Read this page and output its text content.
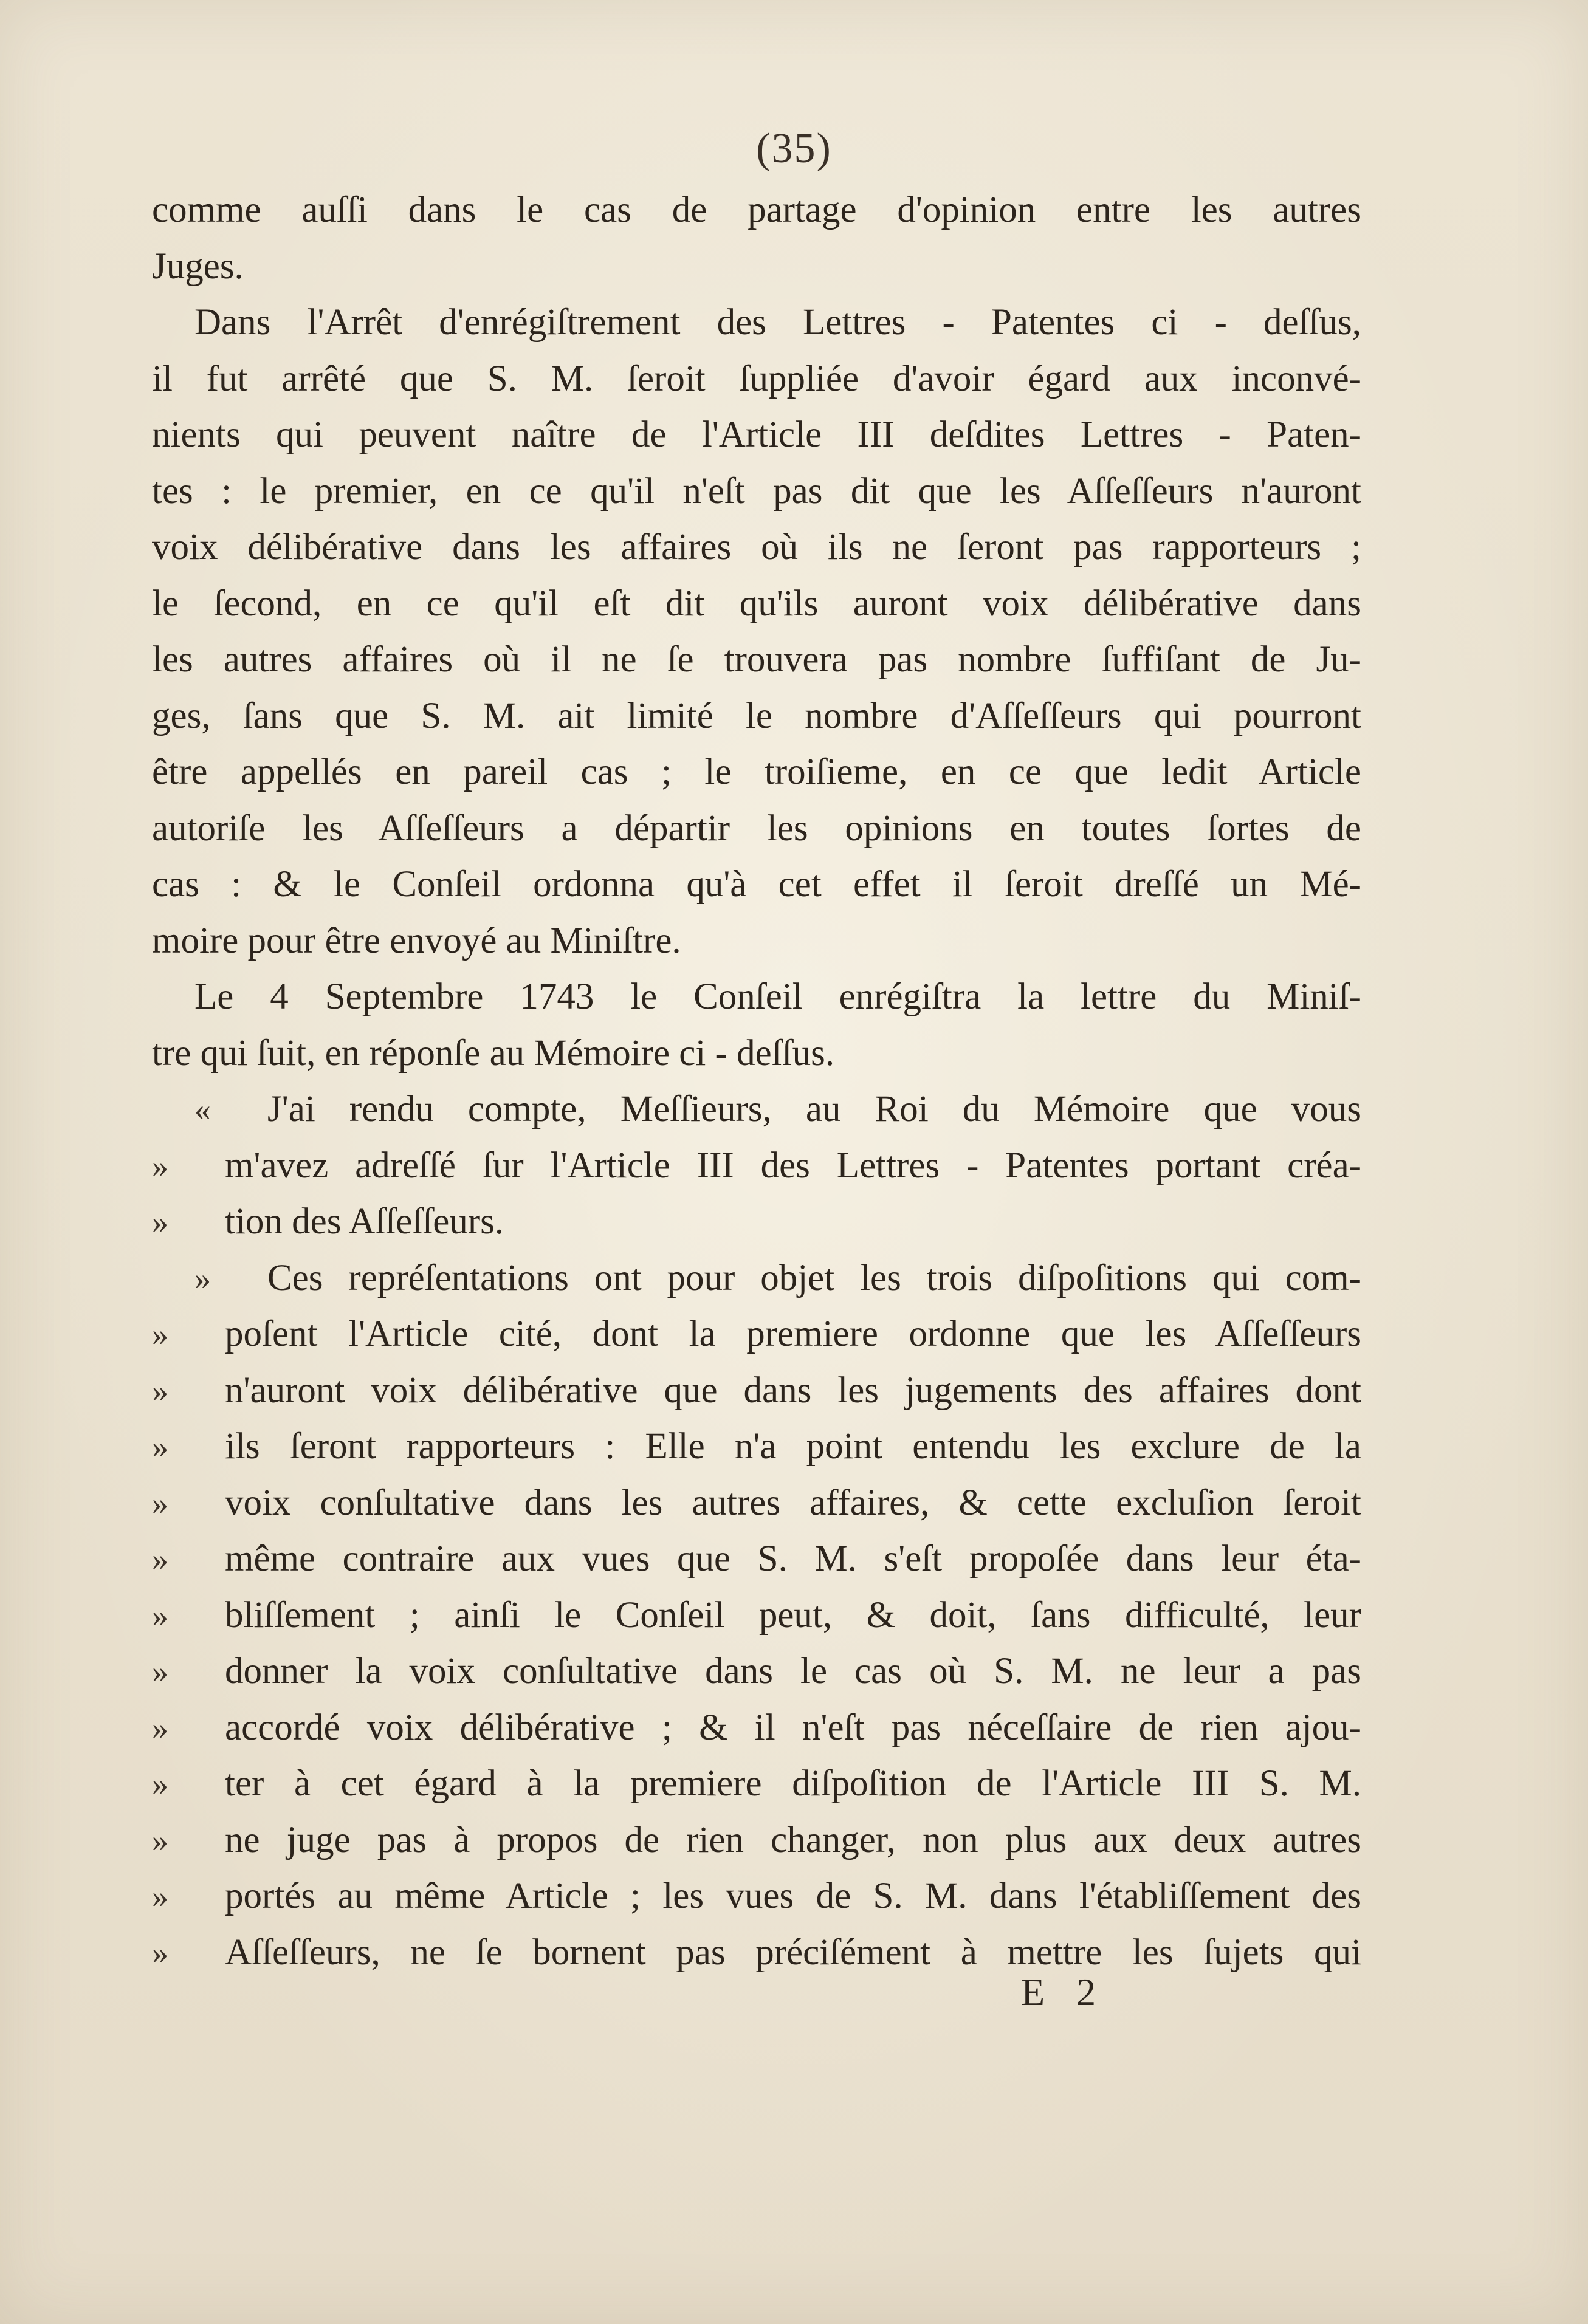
(35)
comme auſſi dans le cas de partage d'opinion entre les autres
Juges.
Dans l'Arrêt d'enrégiſtrement des Lettres - Patentes ci - deſſus,
il fut arrêté que S. M. ſeroit ſuppliée d'avoir égard aux inconvé-
nients qui peuvent naître de l'Article III deſdites Lettres - Paten-
tes : le premier, en ce qu'il n'eſt pas dit que les Aſſeſſeurs n'auront
voix délibérative dans les affaires où ils ne ſeront pas rapporteurs ;
le ſecond, en ce qu'il eſt dit qu'ils auront voix délibérative dans
les autres affaires où il ne ſe trouvera pas nombre ſuffiſant de Ju-
ges, ſans que S. M. ait limité le nombre d'Aſſeſſeurs qui pourront
être appellés en pareil cas ; le troiſieme, en ce que ledit Article
autoriſe les Aſſeſſeurs a départir les opinions en toutes ſortes de
cas : & le Conſeil ordonna qu'à cet effet il ſeroit dreſſé un Mé-
moire pour être envoyé au Miniſtre.
Le 4 Septembre 1743 le Conſeil enrégiſtra la lettre du Miniſ-
tre qui ſuit, en réponſe au Mémoire ci - deſſus.
« J'ai rendu compte, Meſſieurs, au Roi du Mémoire que vous
» m'avez adreſſé ſur l'Article III des Lettres - Patentes portant créa-
» tion des Aſſeſſeurs.
» Ces repréſentations ont pour objet les trois diſpoſitions qui com-
» poſent l'Article cité, dont la premiere ordonne que les Aſſeſſeurs
» n'auront voix délibérative que dans les jugements des affaires dont
» ils ſeront rapporteurs : Elle n'a point entendu les exclure de la
» voix conſultative dans les autres affaires, & cette excluſion ſeroit
» même contraire aux vues que S. M. s'eſt propoſée dans leur éta-
» bliſſement ; ainſi le Conſeil peut, & doit, ſans difficulté, leur
» donner la voix conſultative dans le cas où S. M. ne leur a pas
» accordé voix délibérative ; & il n'eſt pas néceſſaire de rien ajou-
» ter à cet égard à la premiere diſpoſition de l'Article III S. M.
» ne juge pas à propos de rien changer, non plus aux deux autres
» portés au même Article ; les vues de S. M. dans l'établiſſement des
» Aſſeſſeurs, ne ſe bornent pas préciſément à mettre les ſujets qui
E 2
